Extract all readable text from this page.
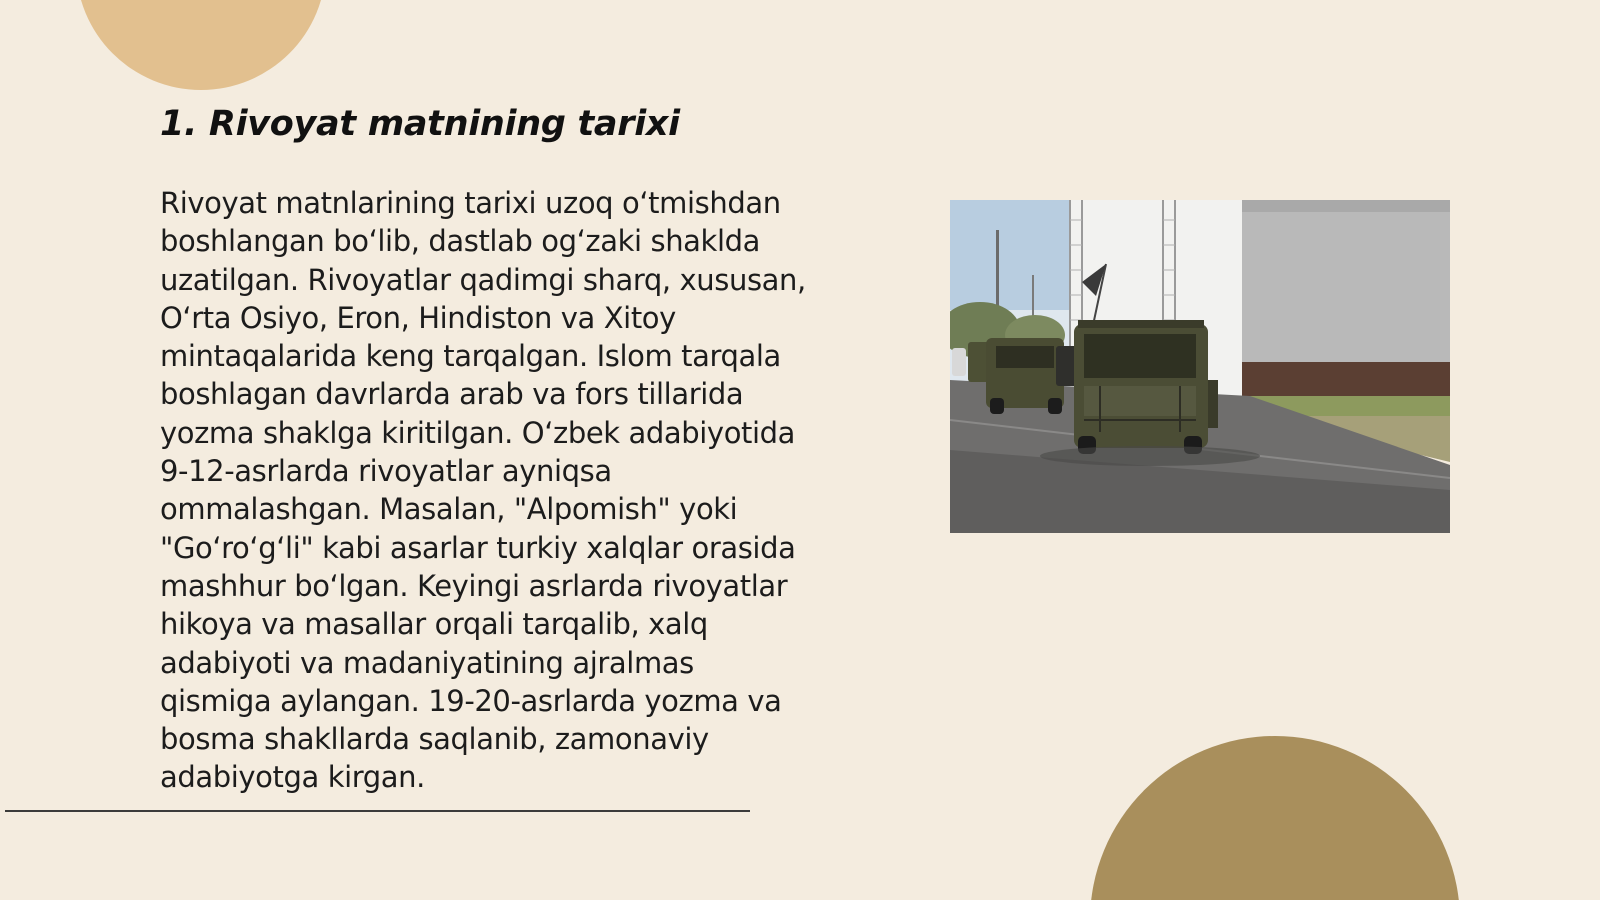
1. Rivoyat matnining tarixi
Rivoyat matnlarining tarixi uzoq oʻtmishdan
boshlangan boʻlib, dastlab ogʻzaki shaklda
uzatilgan. Rivoyatlar qadimgi sharq, xususan,
Oʻrta Osiyo, Eron, Hindiston va Xitoy
mintaqalarida keng tarqalgan. Islom tarqala
boshlagan davrlarda arab va fors tillarida
yozma shaklga kiritilgan. Oʻzbek adabiyotida
9-12-asrlarda rivoyatlar ayniqsa
ommalashgan. Masalan, "Alpomish" yoki
"Goʻroʻgʻli" kabi asarlar turkiy xalqlar orasida
mashhur boʻlgan. Keyingi asrlarda rivoyatlar
hikoya va masallar orqali tarqalib, xalq
adabiyoti va madaniyatining ajralmas
qismiga aylangan. 19-20-asrlarda yozma va
bosma shakllarda saqlanib, zamonaviy
adabiyotga kirgan.
